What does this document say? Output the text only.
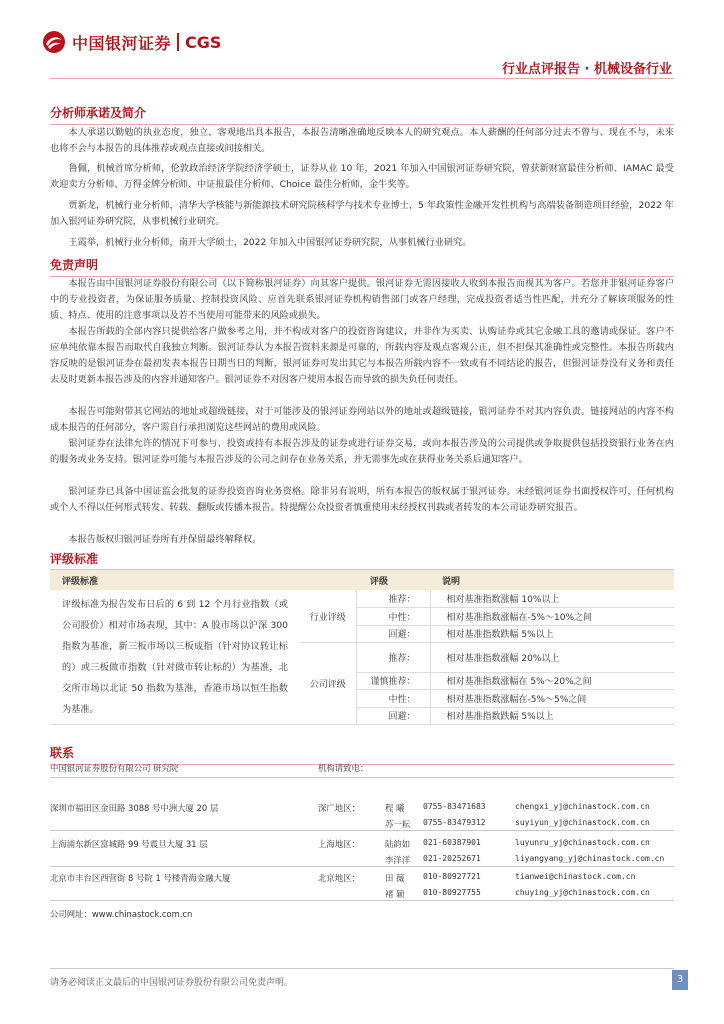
中国银河证券 CGS
行业点评报告 · 机械设备行业
分析师承诺及简介

本人承诺以勤勉的执业态度，独立、客观地出具本报告，本报告清晰准确地反映本人的研究观点。本人薪酬的任何部分过去不曾与、现在不与，未来也将不会与本报告的具体推荐或观点直接或间接相关。

鲁佩，机械首席分析师，伦敦政治经济学院经济学硕士，证券从业 10 年，2021 年加入中国银河证券研究院，曾获新财富最佳分析师、IAMAC 最受欢迎卖方分析师、万得金牌分析师、中证报最佳分析师、Choice 最佳分析师，金牛奖等。

贾新龙，机械行业分析师，清华大学核能与新能源技术研究院核科学与技术专业博士，5 年政策性金融开发性机构与高端装备制造项目经验，2022 年加入银河证券研究院，从事机械行业研究。

王霞举，机械行业分析师，南开大学硕士，2022 年加入中国银河证券研究院，从事机械行业研究。

免责声明

本报告由中国银河证券股份有限公司（以下简称银河证券）向其客户提供。银河证券无需因接收人收到本报告而视其为客户。若您并非银河证券客户中的专业投资者，为保证服务质量、控制投资风险、应首先联系银河证券机构销售部门或客户经理，完成投资者适当性匹配，并充分了解该项服务的性质、特点、使用的注意事项以及若不当使用可能带来的风险或损失。

本报告所载的全部内容只提供给客户做参考之用，并不构成对客户的投资咨询建议，并非作为买卖、认购证券或其它金融工具的邀请或保证。客户不应单纯依靠本报告而取代自我独立判断。银河证券认为本报告资料来源是可靠的，所载内容及观点客观公正，但不担保其准确性或完整性。本报告所载内容反映的是银河证券在最初发表本报告日期当日的判断，银河证券可发出其它与本报告所载内容不一致或有不同结论的报告，但银河证券没有义务和责任去及时更新本报告涉及的内容并通知客户。银河证券不对因客户使用本报告而导致的损失负任何责任。

本报告可能附带其它网站的地址或超级链接，对于可能涉及的银河证券网站以外的地址或超级链接，银河证券不对其内容负责。链接网站的内容不构成本报告的任何部分，客户需自行承担浏览这些网站的费用或风险。

银河证券在法律允许的情况下可参与、投资或持有本报告涉及的证券或进行证券交易，或向本报告涉及的公司提供或争取提供包括投资银行业务在内的服务或业务支持。银河证券可能与本报告涉及的公司之间存在业务关系，并无需事先或在获得业务关系后通知客户。

银河证券已具备中国证监会批复的证券投资咨询业务资格。除非另有说明，所有本报告的版权属于银河证券。未经银河证券书面授权许可，任何机构或个人不得以任何形式转发、转载、翻版或传播本报告。特提醒公众投资者慎重使用未经授权刊载或者转发的本公司证券研究报告。

本报告版权归银河证券所有并保留最终解释权。

评级标准
评级标准	评级		说明
评级标准为报告发布日后的 6 到 12 个月行业指数（或公司股价）相对市场表现，其中：A 股市场以沪深 300 指数为基准，新三板市场以三板成指（针对协议转让标的）或三板做市指数（针对做市转让标的）为基准，北交所市场以北证 50 指数为基准，香港市场以恒生指数为基准。	行业评级	推荐：	相对基准指数涨幅 10%以上
		中性：	相对基准指数涨幅在-5%～10%之间
		回避：	相对基准指数跌幅 5%以上
	公司评级	推荐：	相对基准指数涨幅 20%以上
		谨慎推荐：	相对基准指数涨幅在 5%～20%之间
		中性：	相对基准指数涨幅在-5%～5%之间
		回避：	相对基准指数跌幅 5%以上
联系
中国银河证券股份有限公司 研究院	机构请致电：
深圳市福田区金田路 3088 号中洲大厦 20 层	深广地区：	程 曦	0755-83471683	chengxi_yj@chinastock.com.cn
苏一耘	0755-83479312	suyiyun_yj@chinastock.com.cn
上海浦东新区富城路 99 号震旦大厦 31 层	上海地区：	陆韵如	021-60387901	luyunru_yj@chinastock.com.cn
李洋洋	021-20252671	liyangyang_yj@chinastock.com.cn
北京市丰台区西营街 8 号院 1 号楼青海金融大厦	北京地区：	田 薇	010-80927721	tianwei@chinastock.com.cn
褚 颖	010-80927755	chuying_yj@chinastock.com.cn
公司网址：www.chinastock.com.cn
请务必阅读正文最后的中国银河证券股份有限公司免责声明。	3
